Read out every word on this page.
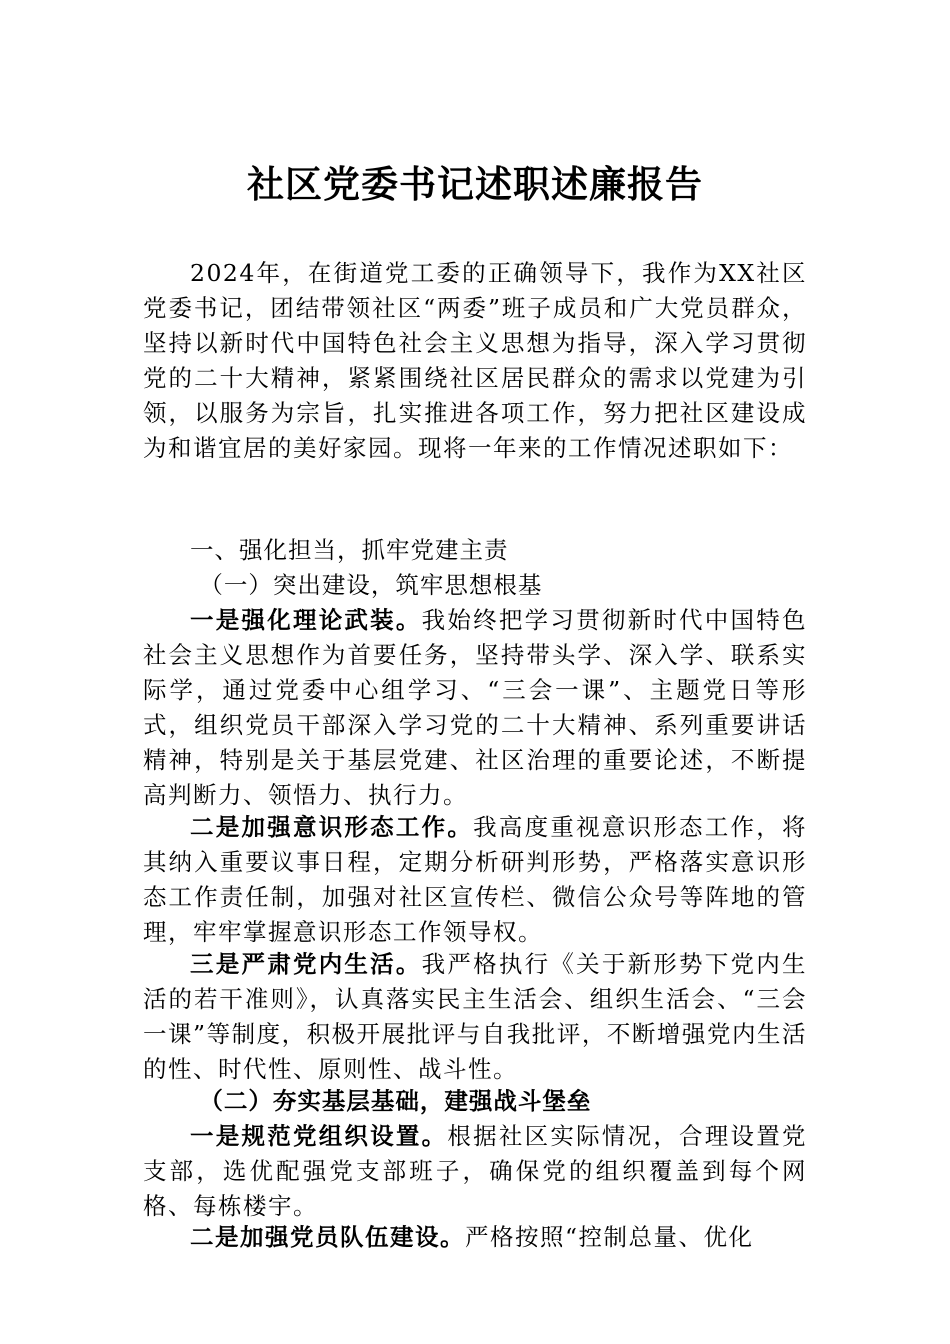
社区党委书记述职述廉报告

2024年，在街道党工委的正确领导下，我作为XX社区党委书记，团结带领社区“两委”班子成员和广大党员群众，坚持以新时代中国特色社会主义思想为指导，深入学习贯彻党的二十大精神，紧紧围绕社区居民群众的需求以党建为引领，以服务为宗旨，扎实推进各项工作，努力把社区建设成为和谐宜居的美好家园。现将一年来的工作情况述职如下：

一、强化担当，抓牢党建主责

（一）突出建设，筑牢思想根基

一是强化理论武装。我始终把学习贯彻新时代中国特色社会主义思想作为首要任务，坚持带头学、深入学、联系实际学，通过党委中心组学习、“三会一课”、主题党日等形式，组织党员干部深入学习党的二十大精神、系列重要讲话精神，特别是关于基层党建、社区治理的重要论述，不断提高判断力、领悟力、执行力。

二是加强意识形态工作。我高度重视意识形态工作，将其纳入重要议事日程，定期分析研判形势，严格落实意识形态工作责任制，加强对社区宣传栏、微信公众号等阵地的管理，牢牢掌握意识形态工作领导权。

三是严肃党内生活。我严格执行《关于新形势下党内生活的若干准则》，认真落实民主生活会、组织生活会、“三会一课”等制度，积极开展批评与自我批评，不断增强党内生活的性、时代性、原则性、战斗性。

（二）夯实基层基础，建强战斗堡垒

一是规范党组织设置。根据社区实际情况，合理设置党支部，选优配强党支部班子，确保党的组织覆盖到每个网格、每栋楼宇。

二是加强党员队伍建设。严格按照“控制总量、优化
